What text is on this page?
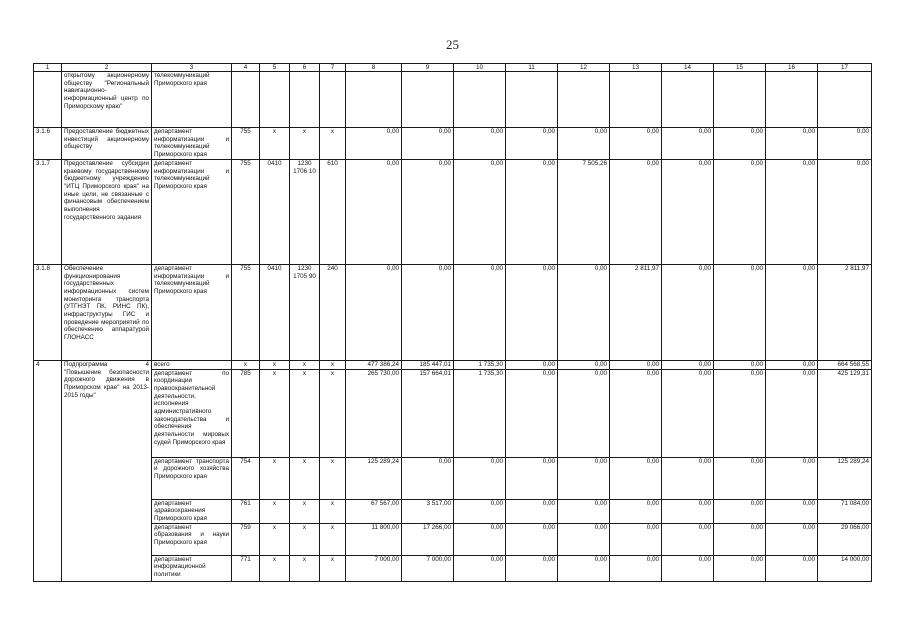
25
1	2	3	4	5	6	7	8	9	10	11	12	13	14	15	16	17
	открытому акционерному обществу "Региональный навигационно-информационный центр по Приморскому краю"	телекоммуникаций Приморского края														
3.1.6	Предоставление бюджетных инвестиций акционерному обществу	департамент информатизации и телекоммуникаций Приморского края	755	x	x	x	0,00	0,00	0,00	0,00	0,00	0,00	0,00	0,00	0,00	0,00
3.1.7	Предоставление субсидии краевому государственному бюджетному учреждению "ИТЦ Приморского края" на иные цели, не связанные с финансовым обеспечением выполнения государственного задания	департамент информатизации и телекоммуникаций Приморского края	755	0410	1230 1706 10	610	0,00	0,00	0,00	0,00	7 505,26	0,00	0,00	0,00	0,00	0,00
3.1.8	Обеспечение функционирования государственных информационных систем мониторинга транспорта (УТГНЭТ ПК, РИНС ПК), инфраструктуры ГИС и проведение мероприятий по обеспечению аппаратурой ГЛОНАСС	департамент информатизации и телекоммуникаций Приморского края	755	0410	1230 1705 90	240	0,00	0,00	0,00	0,00	0,00	2 811,97	0,00	0,00	0,00	2 811,97
4	Подпрограмма 4 "Повышение безопасности дорожного движения в Приморском крае" на 2013-2015 годы"	всего	x	x	x	x	477 386,24	185 447,01	1 735,30	0,00	0,00	0,00	0,00	0,00	0,00	664 568,55
		департамент по координации правоохранительной деятельности, исполнения административного законодательства и обеспечения деятельности мировых судей Приморского края	785	x	x	x	265 730,00	157 664,01	1 735,30	0,00	0,00	0,00	0,00	0,00	0,00	425 129,31
		департамент транспорта и дорожного хозяйства Приморского края	754	x	x	x	125 289,24	0,00	0,00	0,00	0,00	0,00	0,00	0,00	0,00	125 289,24
		департамент здравоохранения Приморского края	761	x	x	x	67 567,00	3 517,00	0,00	0,00	0,00	0,00	0,00	0,00	0,00	71 084,00
		департамент образования и науки Приморского края	759	x	x	x	11 800,00	17 266,00	0,00	0,00	0,00	0,00	0,00	0,00	0,00	29 066,00
		департамент информационной политики	771	x	x	x	7 000,00	7 000,00	0,00	0,00	0,00	0,00	0,00	0,00	0,00	14 000,00
